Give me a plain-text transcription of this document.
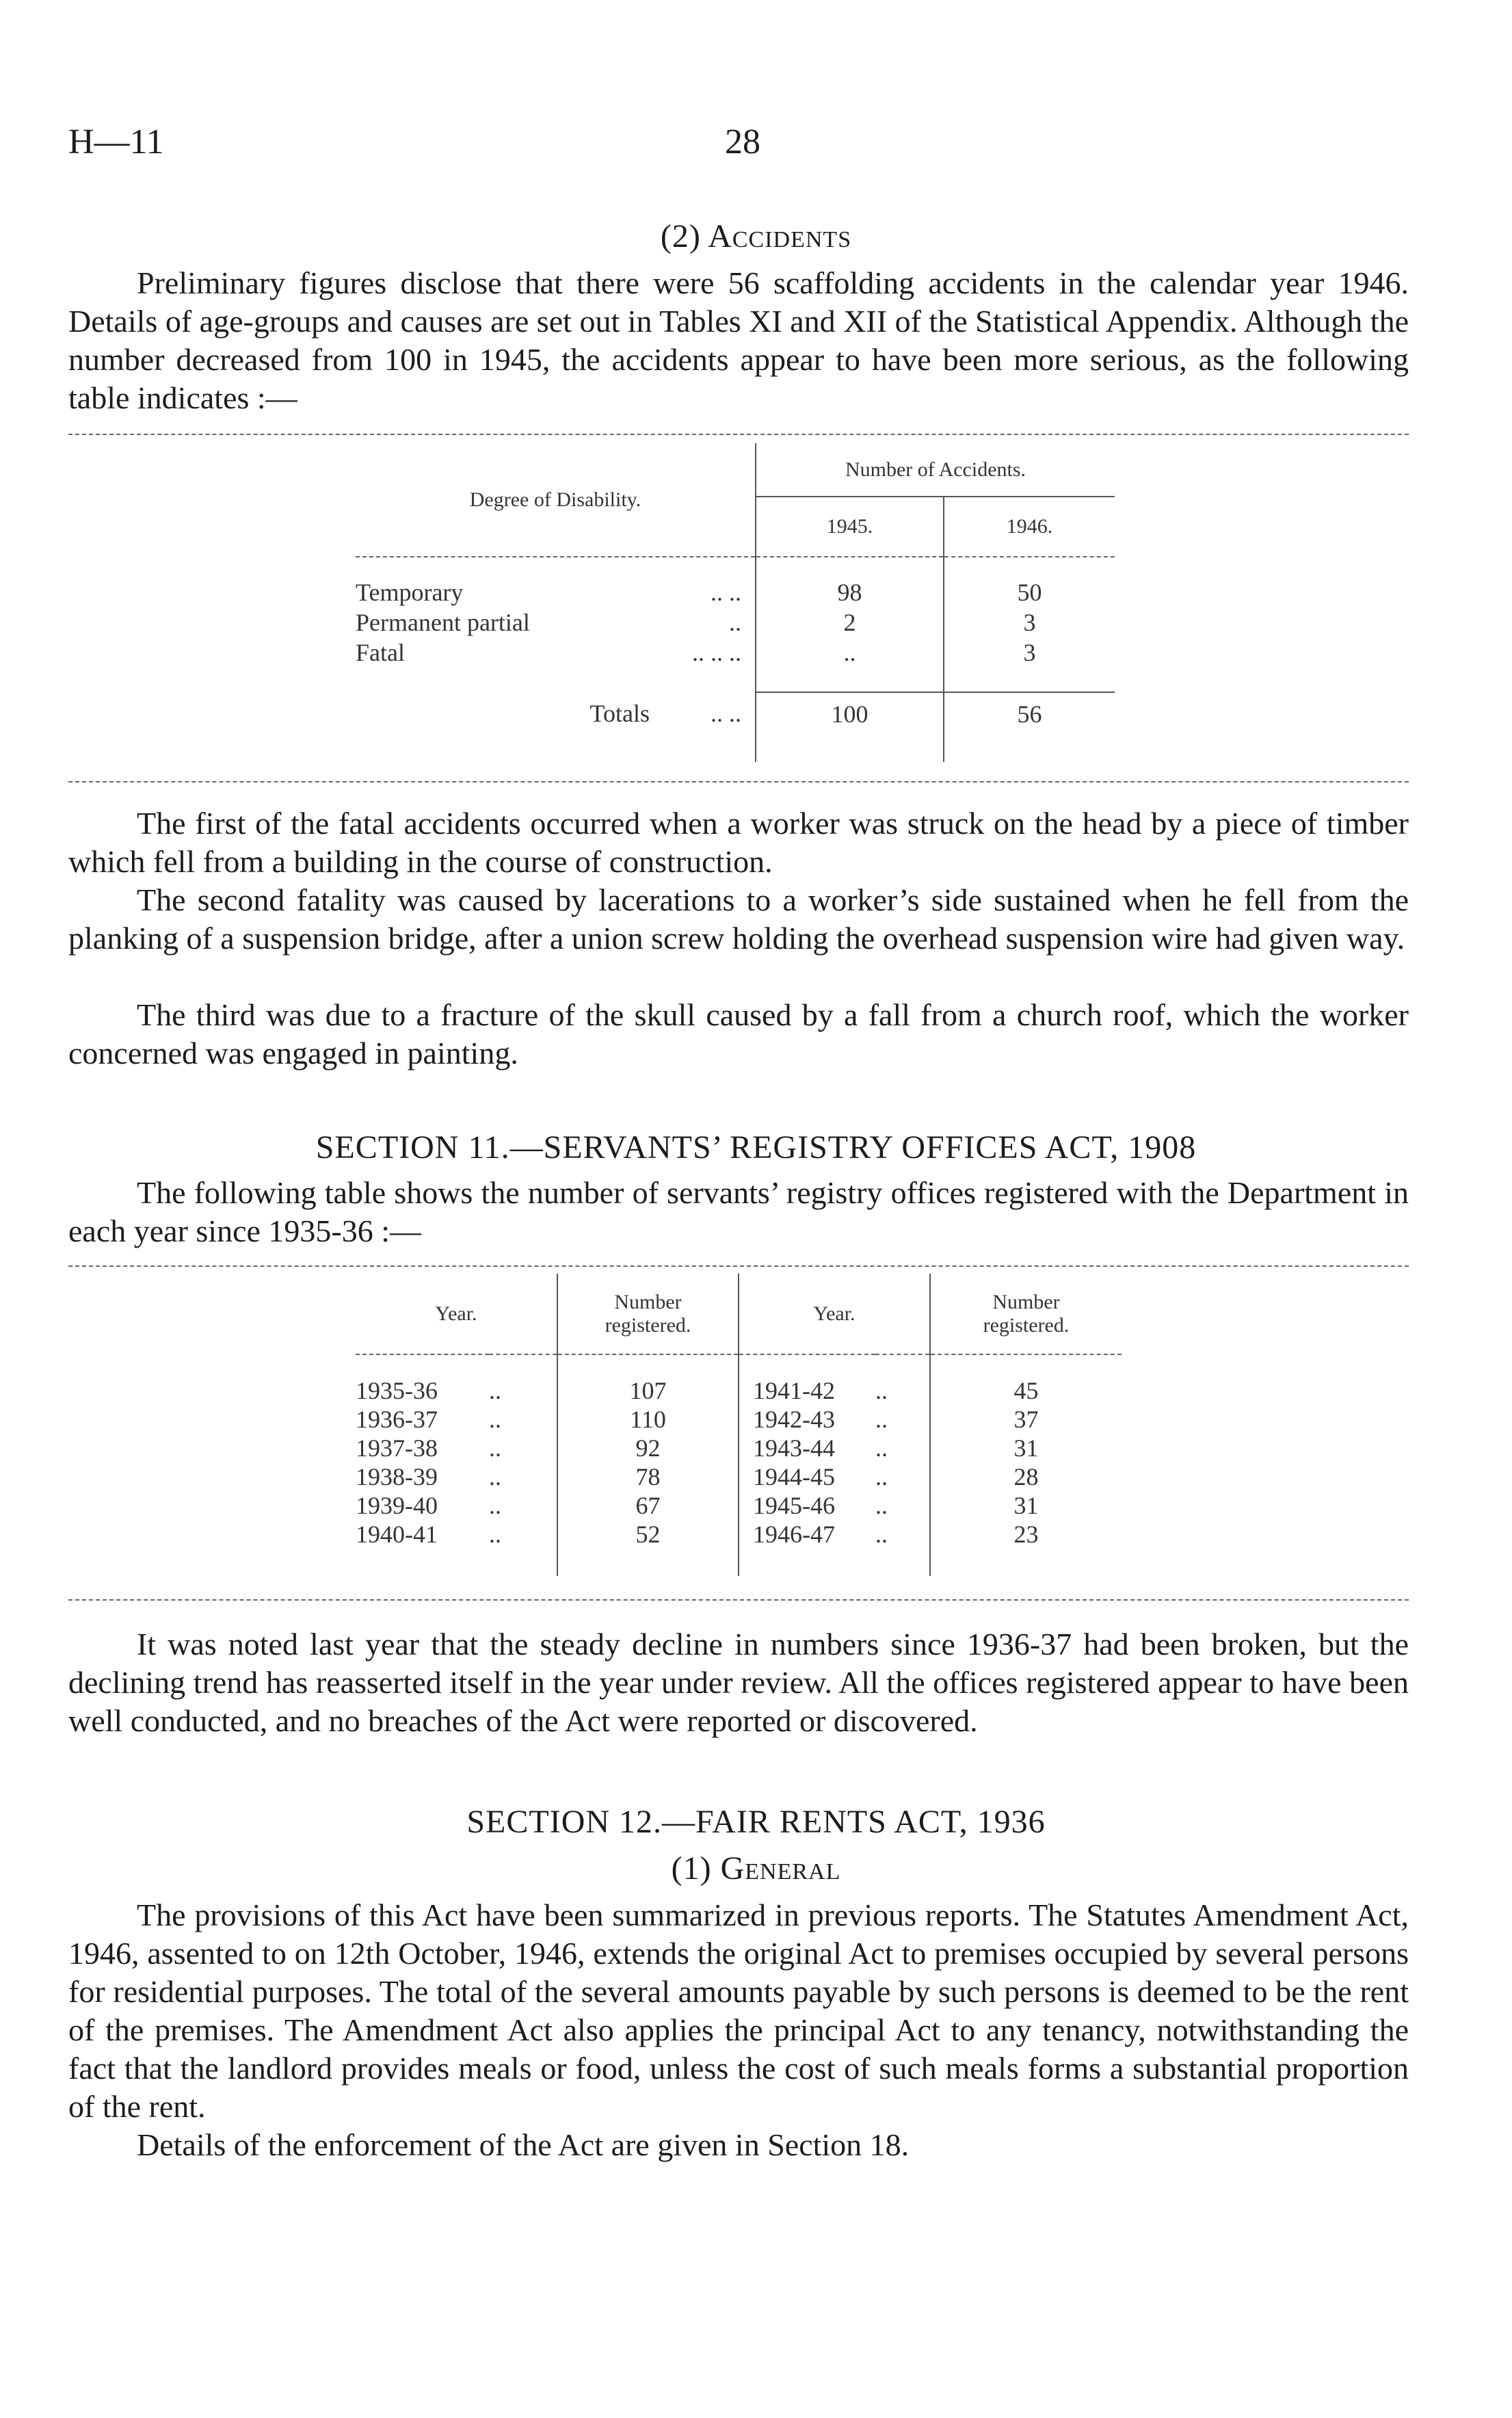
H—11	28
(2) Accidents

Preliminary figures disclose that there were 56 scaffolding accidents in the calendar year 1946. Details of age-groups and causes are set out in Tables XI and XII of the Statistical Appendix. Although the number decreased from 100 in 1945, the accidents appear to have been more serious, as the following table indicates :—

Degree of Disability.	Number of Accidents.	
	1945.	1946.

Temporary .. ..	98	50
Permanent partial ..	2	3
Fatal .. .. ..	..	3

Totals .. ..	100	56

The first of the fatal accidents occurred when a worker was struck on the head by a piece of timber which fell from a building in the course of construction.

The second fatality was caused by lacerations to a worker’s side sustained when he fell from the planking of a suspension bridge, after a union screw holding the overhead suspension wire had given way.

The third was due to a fracture of the skull caused by a fall from a church roof, which the worker concerned was engaged in painting.

SECTION 11.—SERVANTS’ REGISTRY OFFICES ACT, 1908

The following table shows the number of servants’ registry offices registered with the Department in each year since 1935-36 :—

Year.		Number
registered.	Year.		Number
registered.

1935-36	..	107	1941-42	..	45
1936-37	..	110	1942-43	..	37
1937-38	..	92	1943-44	..	31
1938-39	..	78	1944-45	..	28
1939-40	..	67	1945-46	..	31
1940-41	..	52	1946-47	..	23

It was noted last year that the steady decline in numbers since 1936-37 had been broken, but the declining trend has reasserted itself in the year under review. All the offices registered appear to have been well conducted, and no breaches of the Act were reported or discovered.

SECTION 12.—FAIR RENTS ACT, 1936
(1) General

The provisions of this Act have been summarized in previous reports. The Statutes Amendment Act, 1946, assented to on 12th October, 1946, extends the original Act to premises occupied by several persons for residential purposes. The total of the several amounts payable by such persons is deemed to be the rent of the premises. The Amendment Act also applies the principal Act to any tenancy, notwithstanding the fact that the landlord provides meals or food, unless the cost of such meals forms a substantial proportion of the rent.

Details of the enforcement of the Act are given in Section 18.
